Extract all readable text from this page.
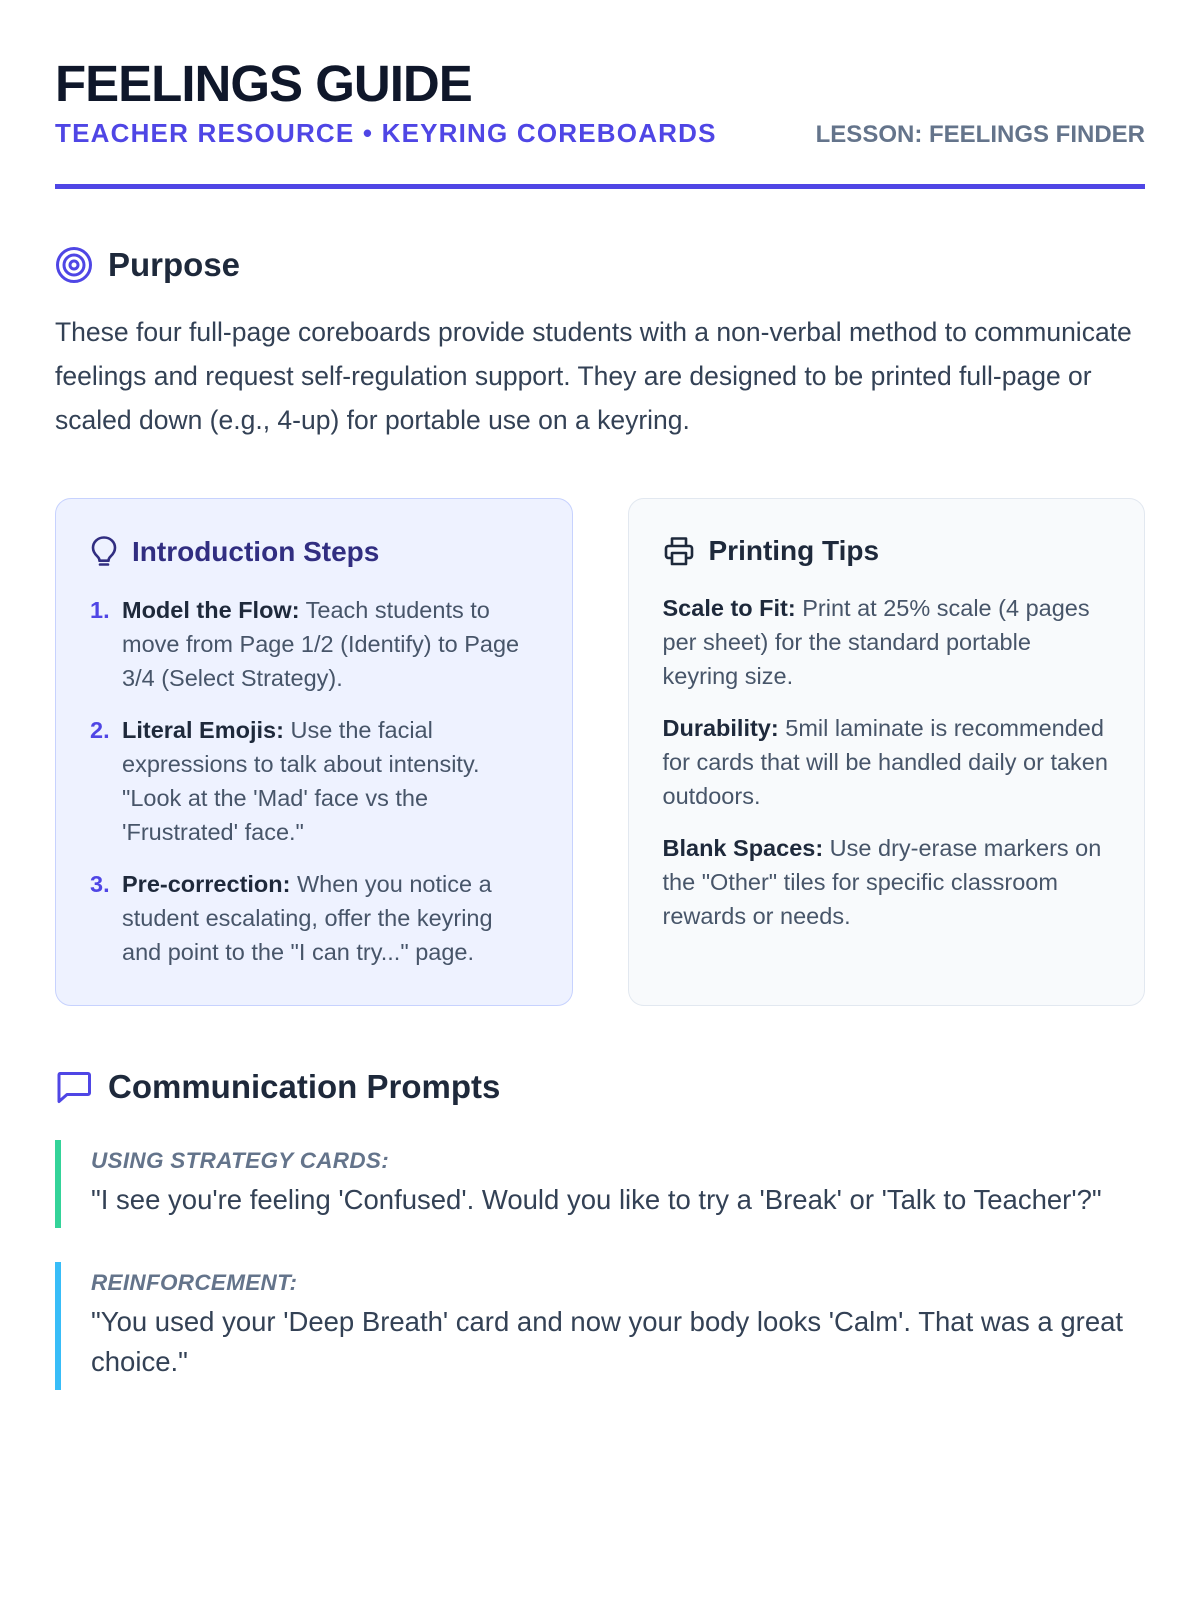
FEELINGS GUIDE
TEACHER RESOURCE • KEYRING COREBOARDS	LESSON: FEELINGS FINDER
Purpose

These four full-page coreboards provide students with a non-verbal method to communicate feelings and request self-regulation support. They are designed to be printed full-page or scaled down (e.g., 4-up) for portable use on a keyring.

Introduction Steps
1. Model the Flow: Teach students to move from Page 1/2 (Identify) to Page 3/4 (Select Strategy).
2. Literal Emojis: Use the facial expressions to talk about intensity. "Look at the 'Mad' face vs the 'Frustrated' face."
3. Pre-correction: When you notice a student escalating, offer the keyring and point to the "I can try..." page.
Printing Tips

Scale to Fit: Print at 25% scale (4 pages per sheet) for the standard portable keyring size.

Durability: 5mil laminate is recommended for cards that will be handled daily or taken outdoors.

Blank Spaces: Use dry-erase markers on the "Other" tiles for specific classroom rewards or needs.

Communication Prompts
USING STRATEGY CARDS:
"I see you're feeling 'Confused'. Would you like to try a 'Break' or 'Talk to Teacher'?"
REINFORCEMENT:
"You used your 'Deep Breath' card and now your body looks 'Calm'. That was a great choice."
